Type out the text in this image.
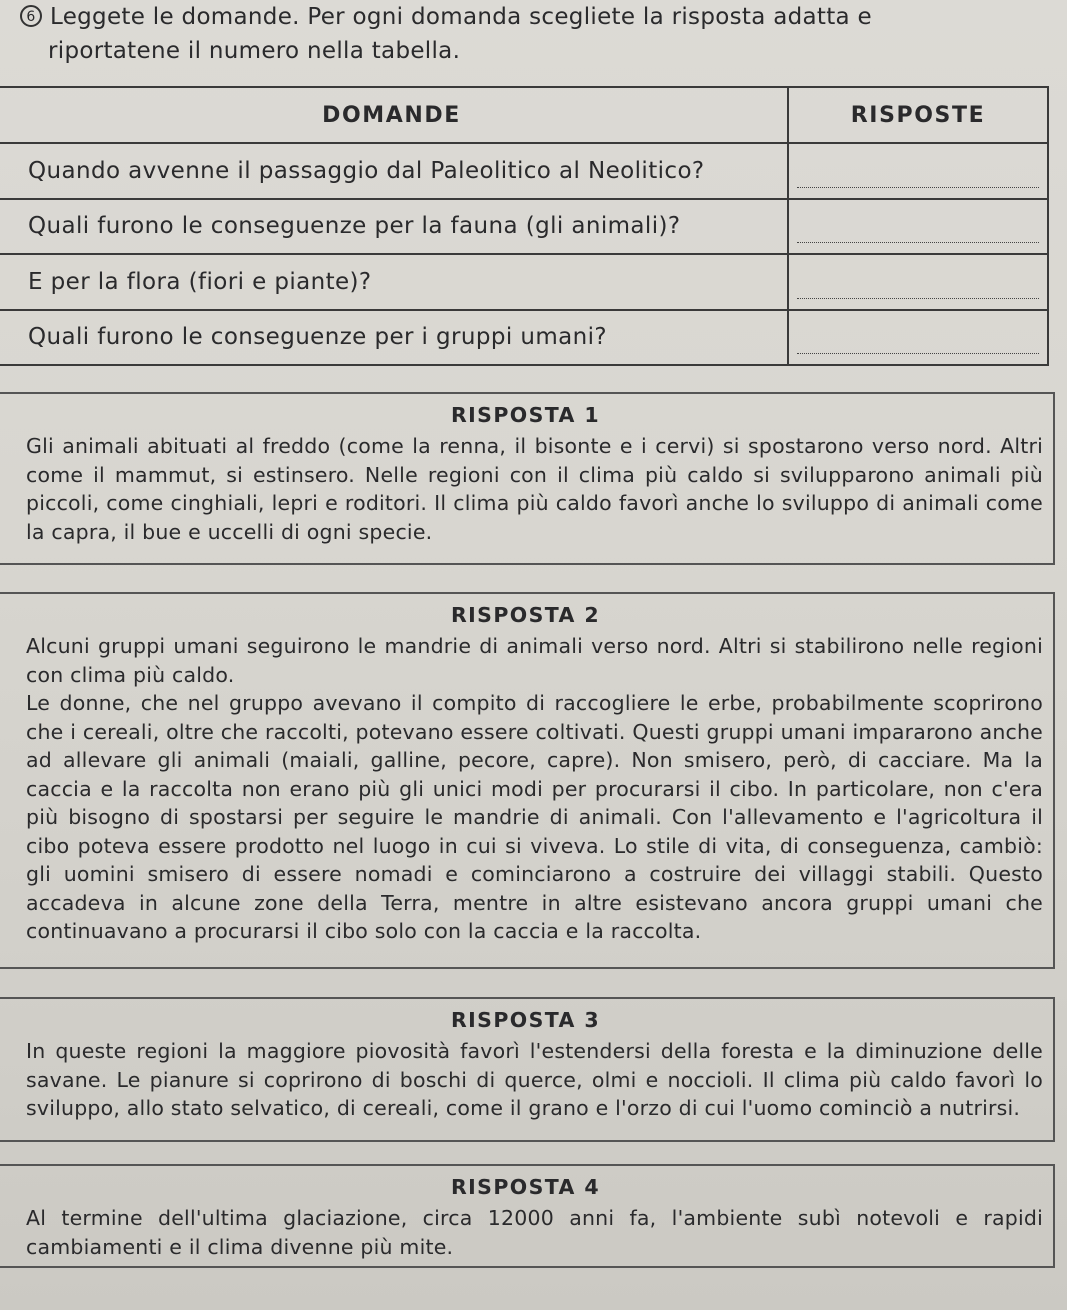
6 Leggete le domande. Per ogni domanda scegliete la risposta adatta e
riportatene il numero nella tabella.
DOMANDE	RISPOSTE
Quando avvenne il passaggio dal Paleolitico al Neolitico?	

Quali furono le conseguenze per la fauna (gli animali)?	

E per la flora (fiori e piante)?	

Quali furono le conseguenze per i gruppi umani?	
RISPOSTA 1

Gli animali abituati al freddo (come la renna, il bisonte e i cervi) si spostarono verso nord. Altri come il mammut, si estinsero. Nelle regioni con il clima più caldo si svilupparono animali più piccoli, come cinghiali, lepri e roditori. Il clima più caldo favorì anche lo sviluppo di animali come la capra, il bue e uccelli di ogni specie.

RISPOSTA 2

Alcuni gruppi umani seguirono le mandrie di animali verso nord. Altri si stabilirono nelle regioni con clima più caldo.

Le donne, che nel gruppo avevano il compito di raccogliere le erbe, probabilmente scoprirono che i cereali, oltre che raccolti, potevano essere coltivati. Questi gruppi umani impararono anche ad allevare gli animali (maiali, galline, pecore, capre). Non smisero, però, di cacciare. Ma la caccia e la raccolta non erano più gli unici modi per procurarsi il cibo. In particolare, non c'era più bisogno di spostarsi per seguire le mandrie di animali. Con l'allevamento e l'agricoltura il cibo poteva essere prodotto nel luogo in cui si viveva. Lo stile di vita, di conseguenza, cambiò: gli uomini smisero di essere nomadi e cominciarono a costruire dei villaggi stabili. Questo accadeva in alcune zone della Terra, mentre in altre esistevano ancora gruppi umani che continuavano a procurarsi il cibo solo con la caccia e la raccolta.

RISPOSTA 3

In queste regioni la maggiore piovosità favorì l'estendersi della foresta e la diminuzione delle savane. Le pianure si coprirono di boschi di querce, olmi e noccioli. Il clima più caldo favorì lo sviluppo, allo stato selvatico, di cereali, come il grano e l'orzo di cui l'uomo cominciò a nutrirsi.

RISPOSTA 4

Al termine dell'ultima glaciazione, circa 12000 anni fa, l'ambiente subì notevoli e rapidi cambiamenti e il clima divenne più mite.
